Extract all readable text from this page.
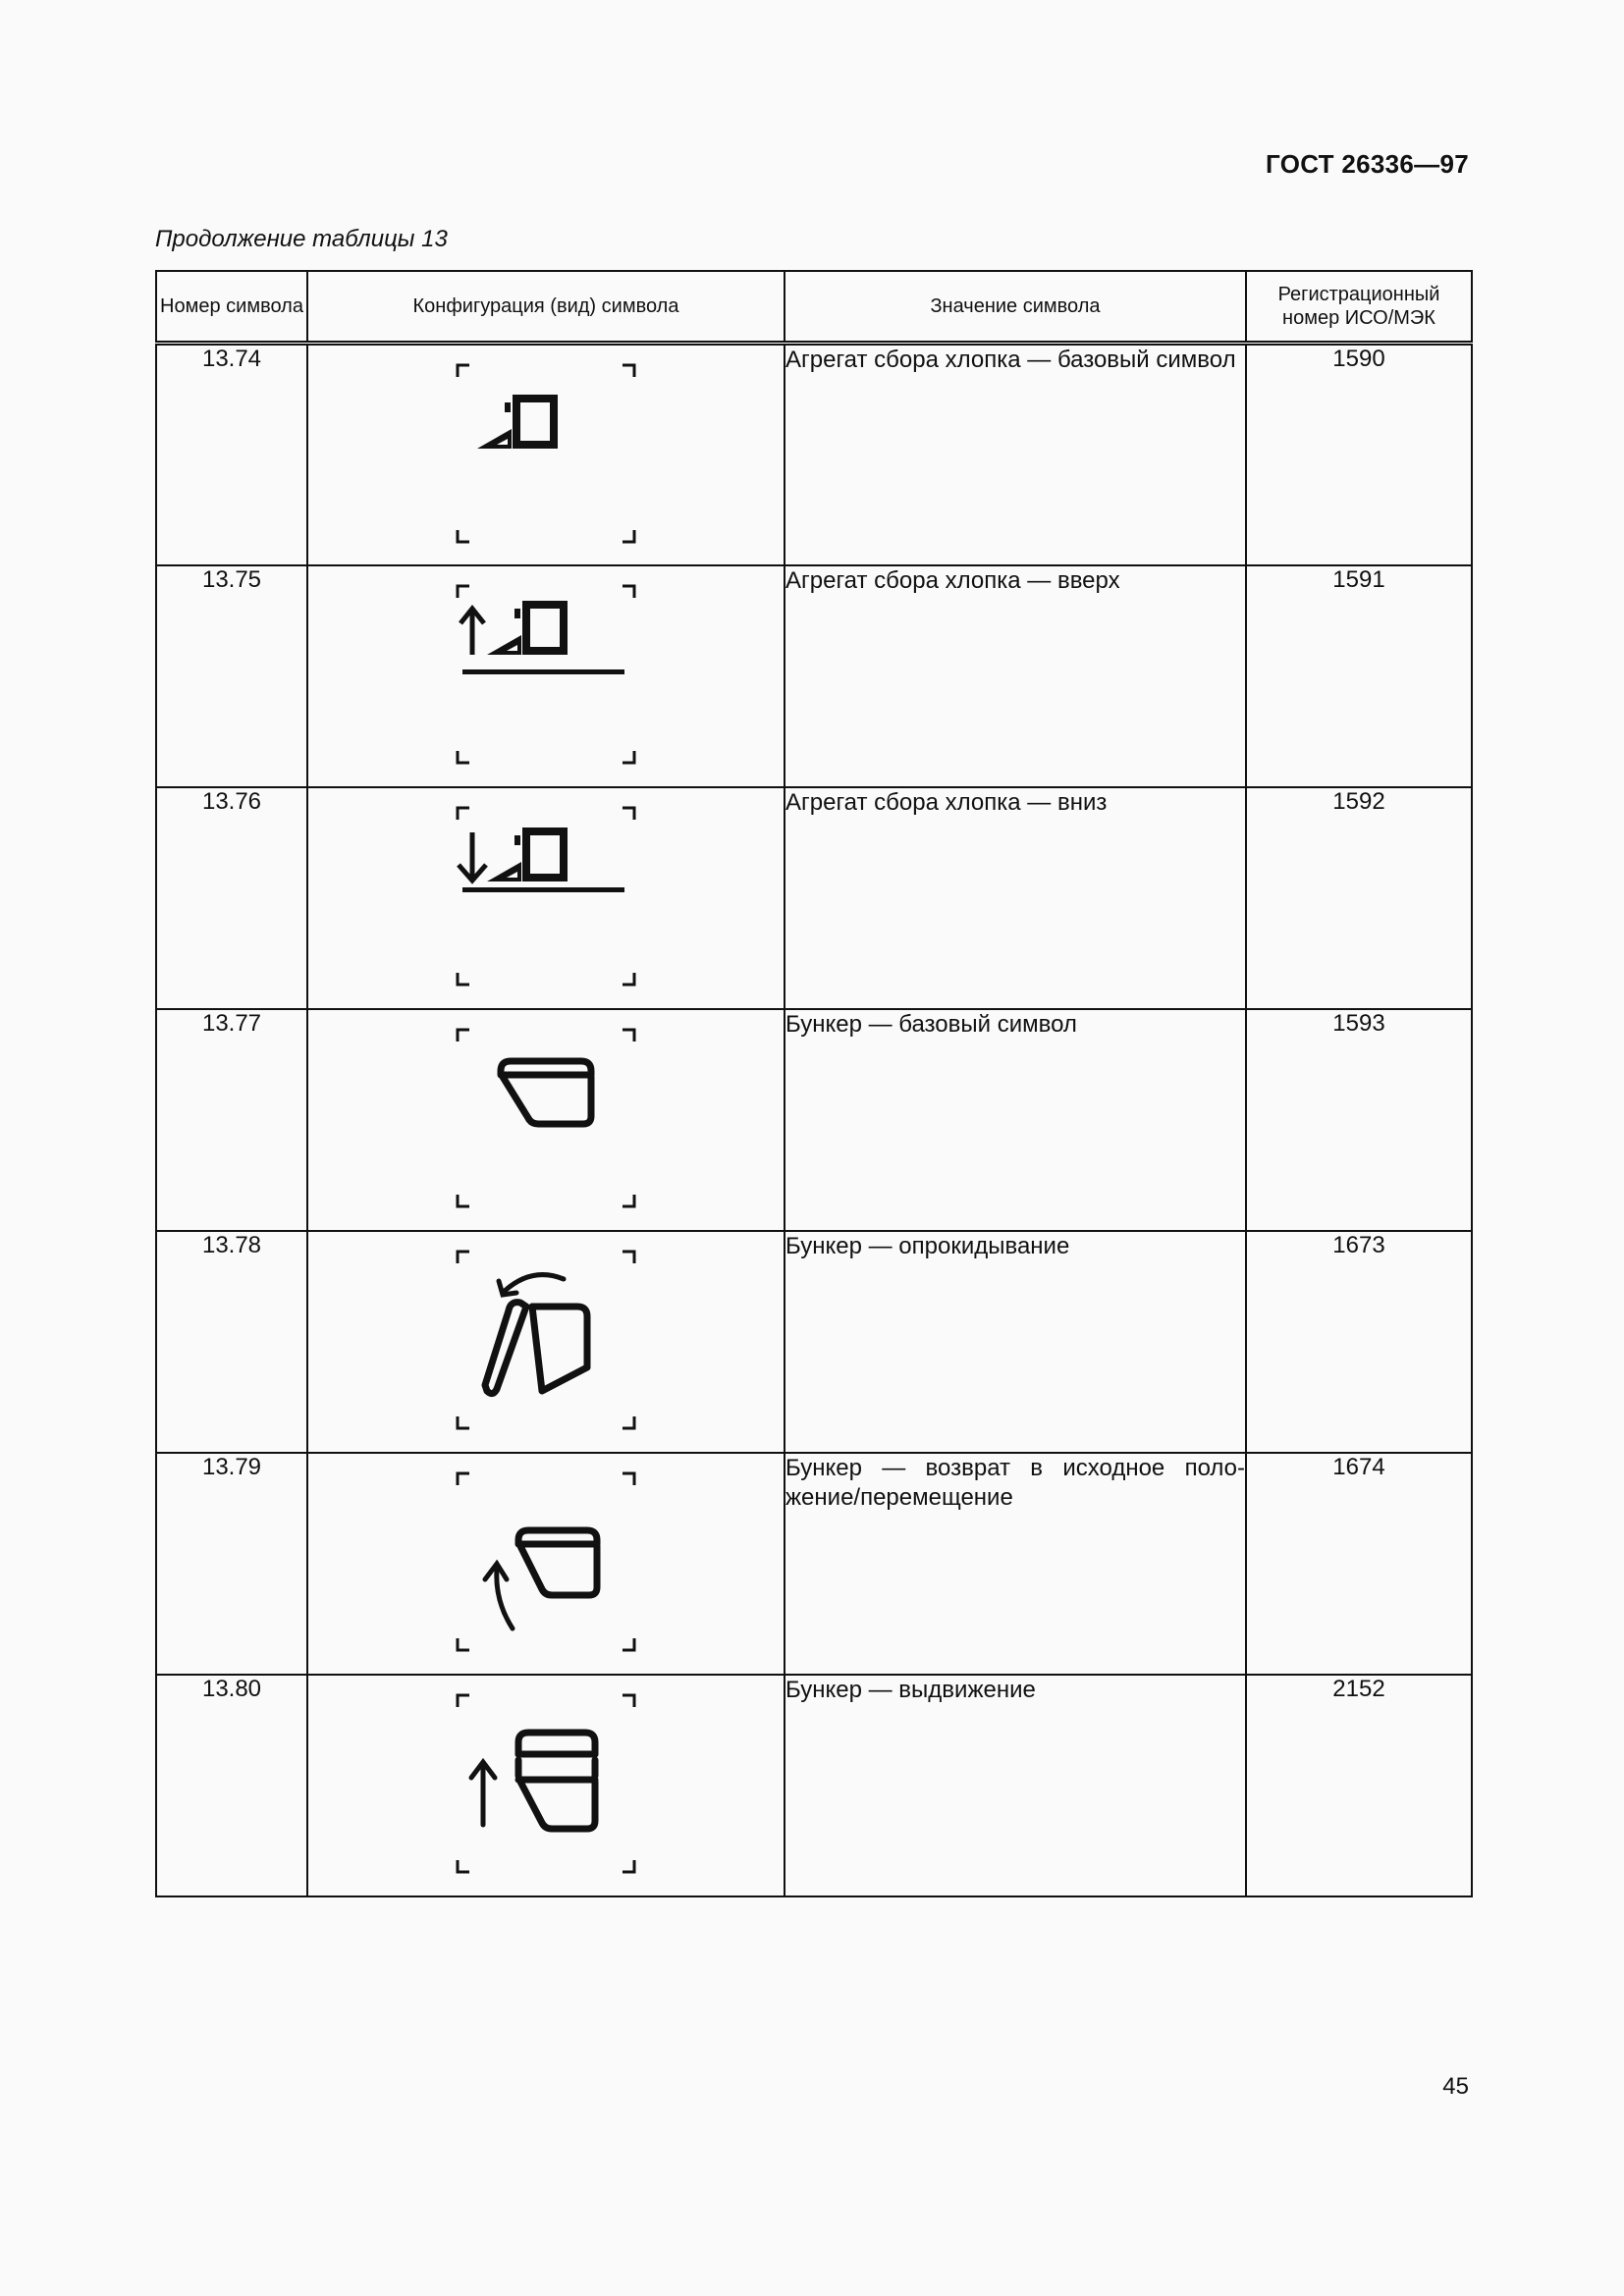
ГОСТ 26336—97
Продолжение таблицы 13
Номер символа	Конфигурация (вид) символа	Значение символа	Регистрационный номер ИСО/МЭК
13.74		Агрегат сбора хлопка — базовый символ	1590
13.75		Агрегат сбора хлопка — вверх	1591
13.76		Агрегат сбора хлопка — вниз	1592
13.77		Бункер — базовый символ	1593
13.78		Бункер — опрокидывание	1673
13.79		Бункер — возврат в исходное поло-жение/перемещение	1674
13.80		Бункер — выдвижение	2152
45
